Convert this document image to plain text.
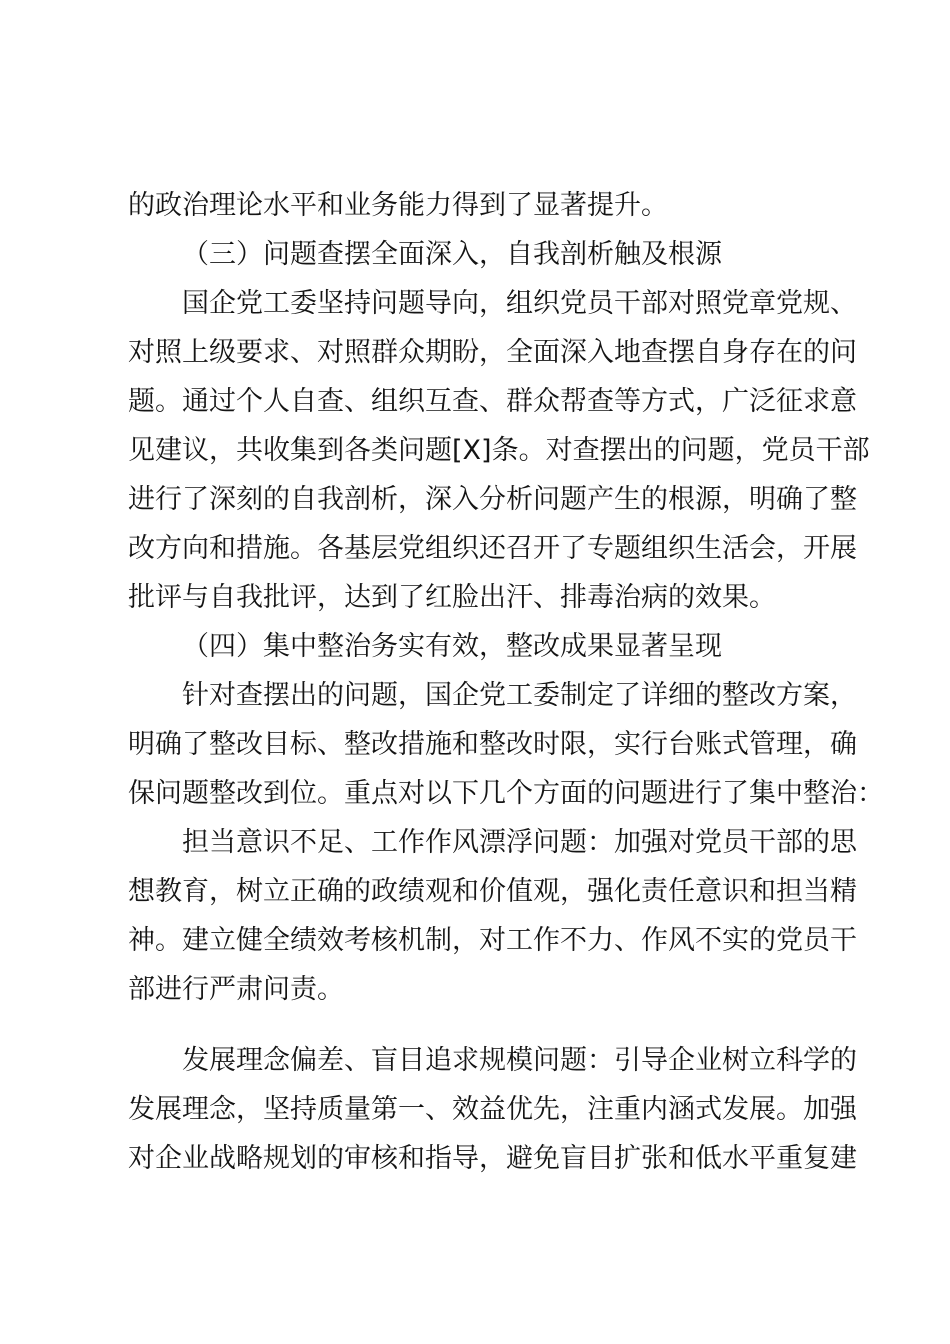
的政治理论水平和业务能力得到了显著提升。
（三）问题查摆全面深入，自我剖析触及根源
国企党工委坚持问题导向，组织党员干部对照党章党规、
对照上级要求、对照群众期盼，全面深入地查摆自身存在的问
题。通过个人自查、组织互查、群众帮查等方式，广泛征求意
见建议，共收集到各类问题[X]条。对查摆出的问题，党员干部
进行了深刻的自我剖析，深入分析问题产生的根源，明确了整
改方向和措施。各基层党组织还召开了专题组织生活会，开展
批评与自我批评，达到了红脸出汗、排毒治病的效果。
（四）集中整治务实有效，整改成果显著呈现
针对查摆出的问题，国企党工委制定了详细的整改方案，
明确了整改目标、整改措施和整改时限，实行台账式管理，确
保问题整改到位。重点对以下几个方面的问题进行了集中整治：
担当意识不足、工作作风漂浮问题：加强对党员干部的思
想教育，树立正确的政绩观和价值观，强化责任意识和担当精
神。建立健全绩效考核机制，对工作不力、作风不实的党员干
部进行严肃问责。
发展理念偏差、盲目追求规模问题：引导企业树立科学的
发展理念，坚持质量第一、效益优先，注重内涵式发展。加强
对企业战略规划的审核和指导，避免盲目扩张和低水平重复建
